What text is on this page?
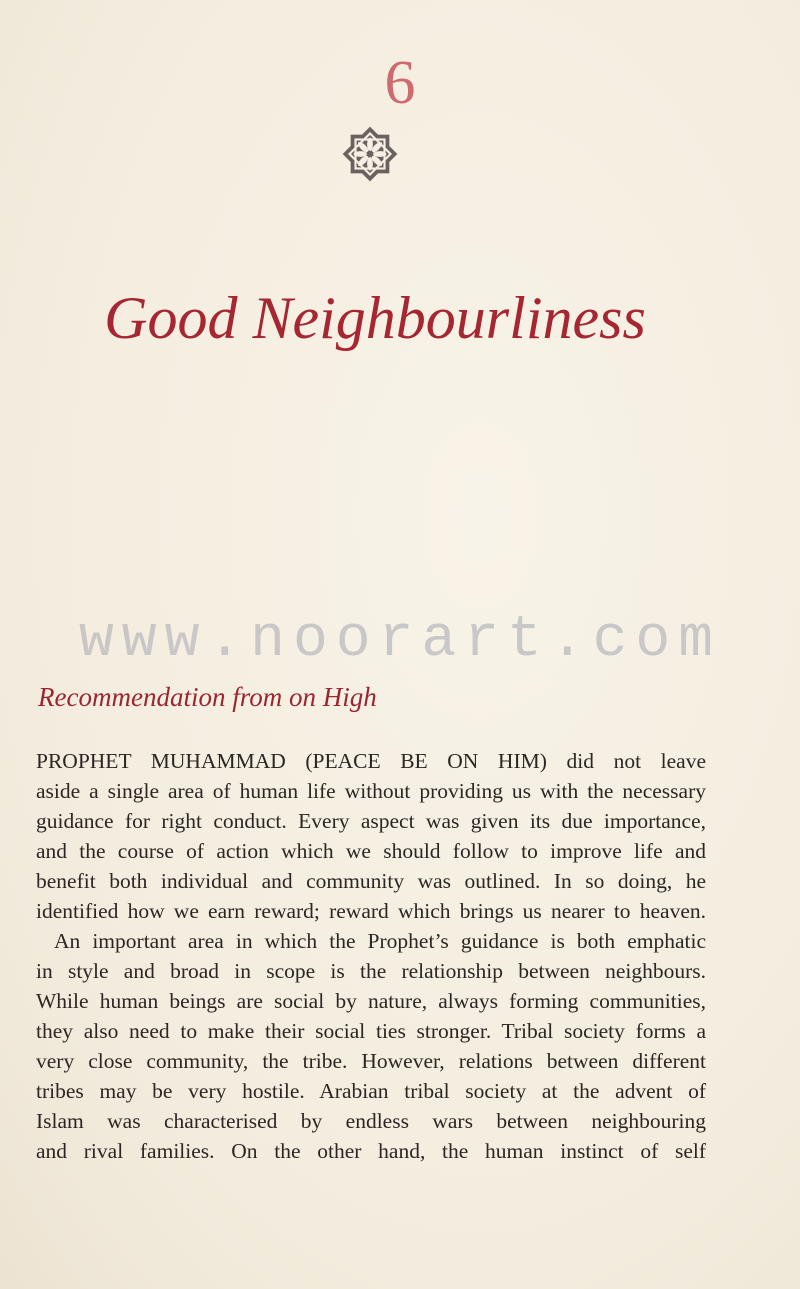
6
Good Neighbourliness
Recommendation from on High
PROPHET MUHAMMAD (PEACE BE ON HIM) did not leave
aside a single area of human life without providing us with the necessary
guidance for right conduct. Every aspect was given its due importance,
and the course of action which we should follow to improve life and
benefit both individual and community was outlined. In so doing, he
identified how we earn reward; reward which brings us nearer to heaven.
An important area in which the Prophet’s guidance is both emphatic
in style and broad in scope is the relationship between neighbours.
While human beings are social by nature, always forming communities,
they also need to make their social ties stronger. Tribal society forms a
very close community, the tribe. However, relations between different
tribes may be very hostile. Arabian tribal society at the advent of
Islam was characterised by endless wars between neighbouring
and rival families. On the other hand, the human instinct of self
www.noorart.com
